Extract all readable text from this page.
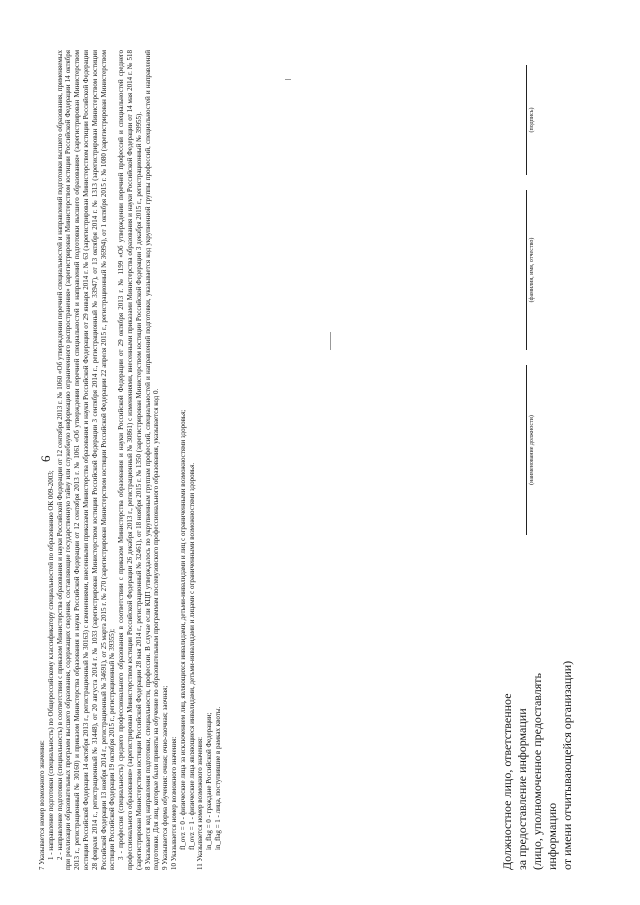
6

7 Указывается номер возможного значения: 1 - направление подготовки (специальность) по Общероссийскому классификатору специальностей по образованию ОК 009-2003; 2 - направление подготовки (специальность) в соответствии с приказом Министерства образования и науки Российской Федерации от 12 сентября 2013 г. № 1060 «Об утверждении перечней специальностей и направлений подготовки высшего образования, применяемых при реализации образовательных программ высшего образования, содержащих сведения, составляющие государственную тайну или служебную информацию ограниченного распространения» (зарегистрирован Министерством юстиции Российской Федерации 14 октября 2013 г., регистрационный № 30160) и приказом Министерства образования и науки Российской Федерации от 12 сентября 2013 г. № 1061 «Об утверждении перечней специальностей и направлений подготовки высшего образования» (зарегистрирован Министерством юстиции Российской Федерации 14 октября 2013 г., регистрационный № 30163) с изменениями, внесенными приказами Министерства образования и науки Российской Федерации от 29 января 2014 г. № 63 (зарегистрирован Министерством юстиции Российской Федерации 28 февраля 2014 г., регистрационный № 31448), от 20 августа 2014 г. № 1033 (зарегистрирован Министерством юстиции Российской Федерации 3 сентября 2014 г., регистрационный № 33947), от 13 октября 2014 г. № 1313 (зарегистрирован Министерством юстиции Российской Федерации 13 ноября 2014 г., регистрационный № 34691), от 25 марта 2015 г. № 270 (зарегистрирован Министерством юстиции Российской Федерации 22 апреля 2015 г., регистрационный № 36994), от 1 октября 2015 г. № 1080 (зарегистрирован Министерством юстиции Российской Федерации 19 октября 2015 г., регистрационный № 39355); 3 - профессия (специальность) среднего профессионального образования в соответствии с приказом Министерства образования и науки Российской Федерации от 29 октября 2013 г. № 1199 «Об утверждении перечней профессий и специальностей среднего профессионального образования» (зарегистрирован Министерством юстиции Российской Федерации 26 декабря 2013 г., регистрационный № 30861) с изменениями, внесенными приказами Министерства образования и науки Российской Федерации от 14 мая 2014 г. № 518 (зарегистрирован Министерством юстиции Российской Федерации 28 мая 2014 г., регистрационный № 32461), от 18 ноября 2015 г. № 1350 (зарегистрирован Министерством юстиции Российской Федерации 3 декабря 2015 г., регистрационный № 39955). 8 Указывается код направления подготовки, специальности, профессии. В случае если КЦП утверждалось по укрупненным группам профессий, специальностей и направлений подготовки, указывается код укрупненной группы профессий, специальностей и направлений подготовки. Для лиц, которые были приняты на обучение по образовательным программам послевузовского профессионального образования, указывается код 0. 9 Указывается форма обучения: очная; очно-заочная; заочная; 10 Указывается номер возможного значения: fl_ovz = 0 - физические лица за исключением лиц, являющихся инвалидами, детьми-инвалидами и лиц с ограниченными возможностями здоровья; fl_ovz = 1 - физические лица являющиеся инвалидами, детьми-инвалидами и лицами с ограниченными возможностями здоровья. 11 Указывается номер возможного значения: in_flag = 0 - граждане Российской Федерации; in_flag = 1 - лица, поступившие в рамках квоты.	Должностное лицо, ответственное за предоставление информации (лицо, уполномоченное предоставлять информацию от имени отчитывающейся организации)
(наименование должности)
(фамилия, имя, отчество)
(подпись)
